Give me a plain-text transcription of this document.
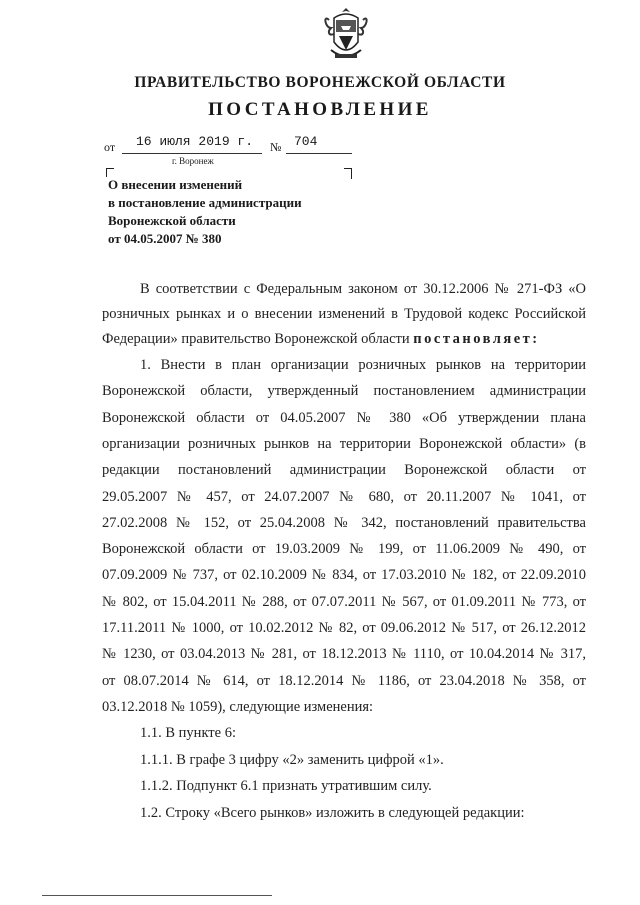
ПРАВИТЕЛЬСТВО ВОРОНЕЖСКОЙ ОБЛАСТИ
ПОСТАНОВЛЕНИЕ
от 16 июля 2019 г. № 704
г. Воронеж
О внесении изменений
в постановление администрации
Воронежской области
от 04.05.2007 № 380
В соответствии с Федеральным законом от 30.12.2006 № 271-ФЗ «О
розничных рынках и о внесении изменений в Трудовой кодекс Российской
Федерации» правительство Воронежской области постановляет:
1. Внести в план организации розничных рынков на территории
Воронежской области, утвержденный постановлением администрации
Воронежской области от 04.05.2007 № 380 «Об утверждении плана
организации розничных рынков на территории Воронежской области» (в
редакции постановлений администрации Воронежской области от
29.05.2007 № 457, от 24.07.2007 № 680, от 20.11.2007 № 1041, от
27.02.2008 № 152, от 25.04.2008 № 342, постановлений правительства
Воронежской области от 19.03.2009 № 199, от 11.06.2009 № 490, от
07.09.2009 № 737, от 02.10.2009 № 834, от 17.03.2010 № 182, от 22.09.2010
№ 802, от 15.04.2011 № 288, от 07.07.2011 № 567, от 01.09.2011 № 773, от
17.11.2011 № 1000, от 10.02.2012 № 82, от 09.06.2012 № 517, от 26.12.2012
№ 1230, от 03.04.2013 № 281, от 18.12.2013 № 1110, от 10.04.2014 № 317,
от 08.07.2014 № 614, от 18.12.2014 № 1186, от 23.04.2018 № 358, от
03.12.2018 № 1059), следующие изменения:
1.1. В пункте 6:
1.1.1. В графе 3 цифру «2» заменить цифрой «1».
1.1.2. Подпункт 6.1 признать утратившим силу.
1.2. Строку «Всего рынков» изложить в следующей редакции:
